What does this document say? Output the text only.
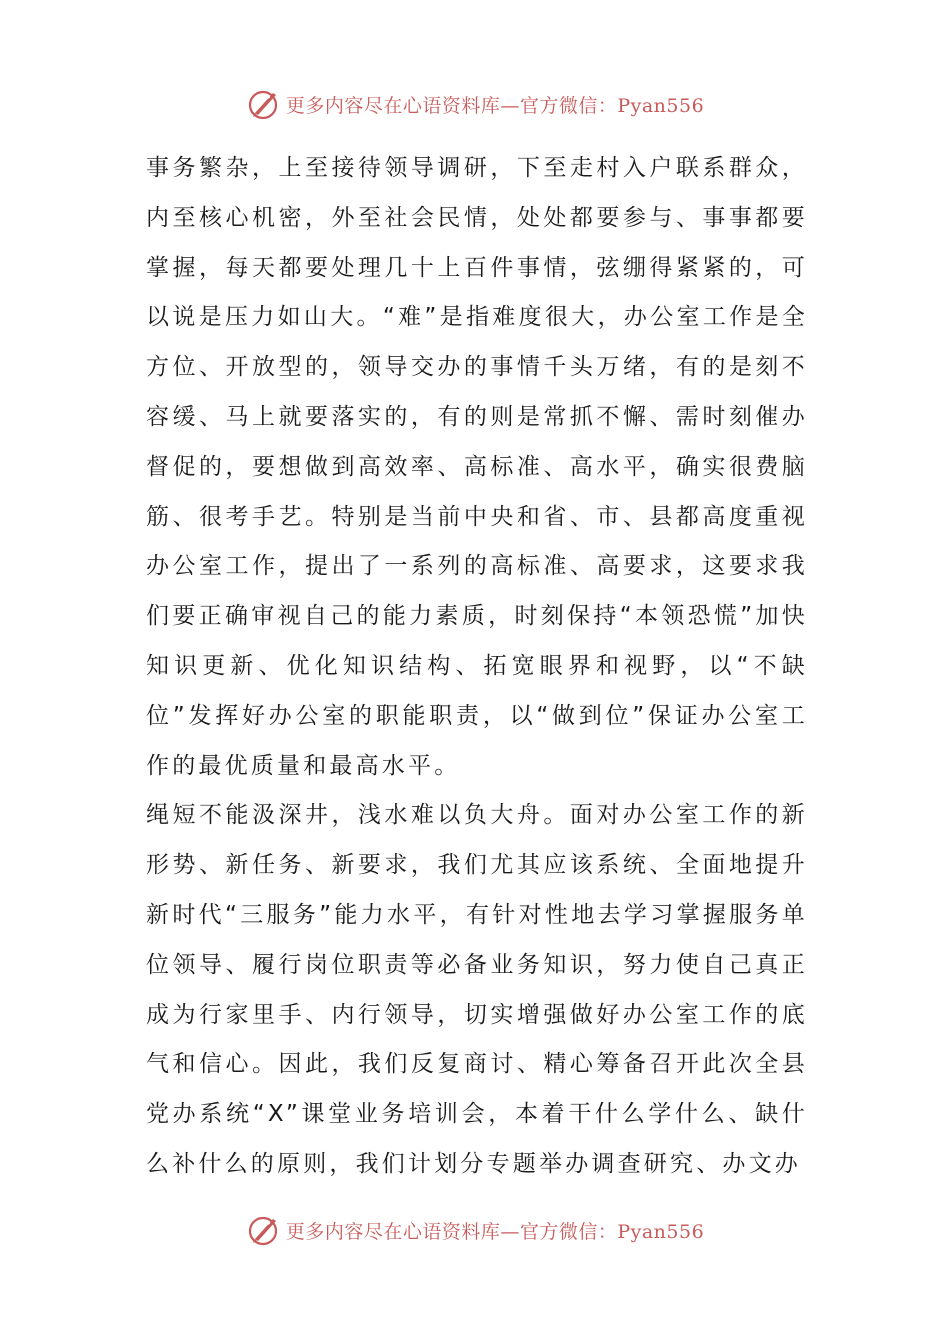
更多内容尽在心语资料库—官方微信：Pyan556

事务繁杂，上至接待领导调研，下至走村入户联系群众，内至核心机密，外至社会民情，处处都要参与、事事都要掌握，每天都要处理几十上百件事情，弦绷得紧紧的，可以说是压力如山大。“难”是指难度很大，办公室工作是全方位、开放型的，领导交办的事情千头万绪，有的是刻不容缓、马上就要落实的，有的则是常抓不懈、需时刻催办督促的，要想做到高效率、高标准、高水平，确实很费脑筋、很考手艺。特别是当前中央和省、市、县都高度重视办公室工作，提出了一系列的高标准、高要求，这要求我们要正确审视自己的能力素质，时刻保持“本领恐慌”加快知识更新、优化知识结构、拓宽眼界和视野，以“不缺位”发挥好办公室的职能职责，以“做到位”保证办公室工作的最优质量和最高水平。

绳短不能汲深井，浅水难以负大舟。面对办公室工作的新形势、新任务、新要求，我们尤其应该系统、全面地提升新时代“三服务”能力水平，有针对性地去学习掌握服务单位领导、履行岗位职责等必备业务知识，努力使自己真正成为行家里手、内行领导，切实增强做好办公室工作的底气和信心。因此，我们反复商讨、精心筹备召开此次全县党办系统“X”课堂业务培训会，本着干什么学什么、缺什么补什么的原则，我们计划分专题举办调查研究、办文办

更多内容尽在心语资料库—官方微信：Pyan556
